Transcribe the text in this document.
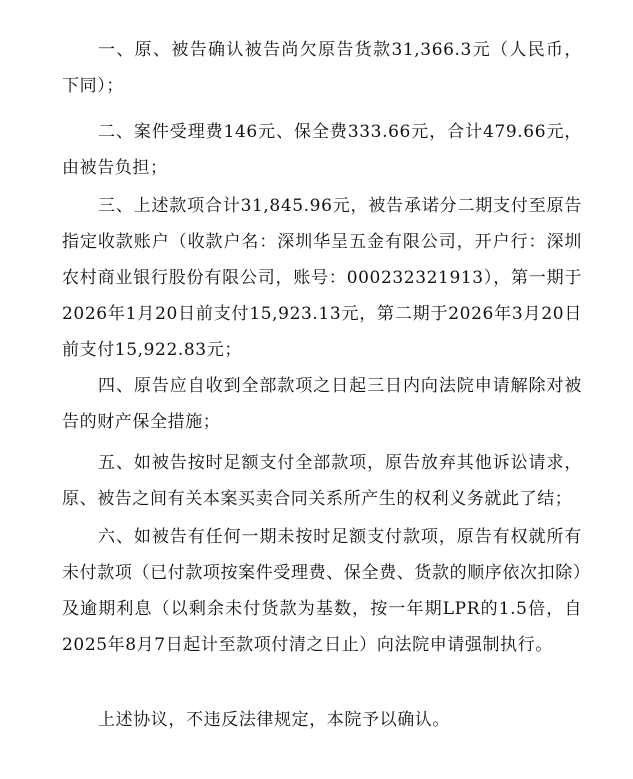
一、原、被告确认被告尚欠原告货款31,366.3元（人民币，下同）；

二、案件受理费146元、保全费333.66元，合计479.66元，由被告负担；

三、上述款项合计31,845.96元，被告承诺分二期支付至原告指定收款账户（收款户名：深圳华呈五金有限公司，开户行：深圳农村商业银行股份有限公司，账号：000232321913），第一期于2026年1月20日前支付15,923.13元，第二期于2026年3月20日前支付15,922.83元；

四、原告应自收到全部款项之日起三日内向法院申请解除对被告的财产保全措施；

五、如被告按时足额支付全部款项，原告放弃其他诉讼请求，原、被告之间有关本案买卖合同关系所产生的权利义务就此了结；

六、如被告有任何一期未按时足额支付款项，原告有权就所有未付款项（已付款项按案件受理费、保全费、货款的顺序依次扣除）及逾期利息（以剩余未付货款为基数，按一年期LPR的1.5倍，自2025年8月7日起计至款项付清之日止）向法院申请强制执行。

上述协议，不违反法律规定，本院予以确认。
